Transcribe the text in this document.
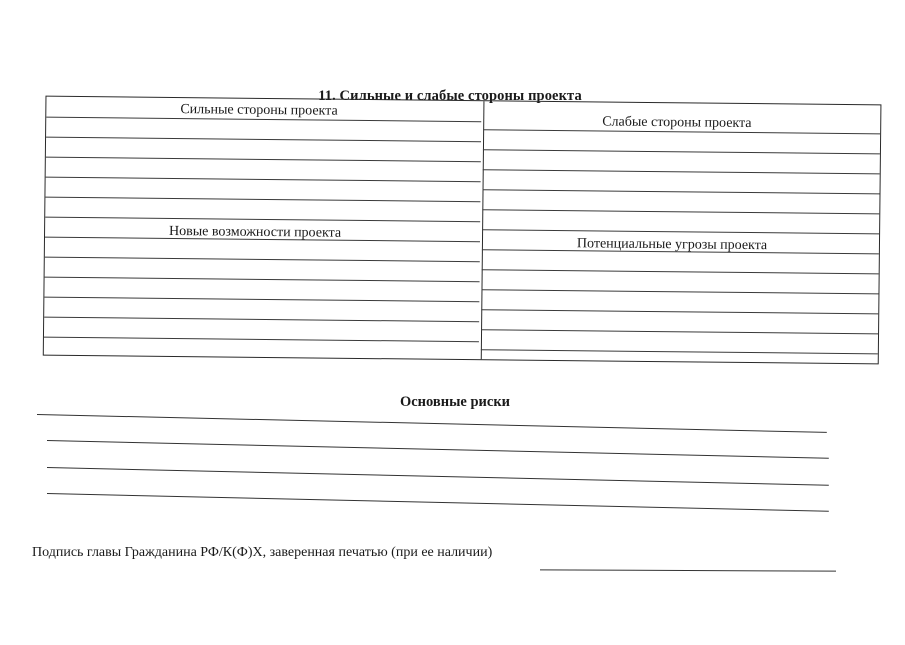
11. Сильные и слабые стороны проекта
Сильные стороны проекта
Слабые стороны проекта
Новые возможности проекта
Потенциальные угрозы проекта
Основные риски
Подпись главы Гражданина РФ/К(Ф)Х, заверенная печатью (при ее наличии)
